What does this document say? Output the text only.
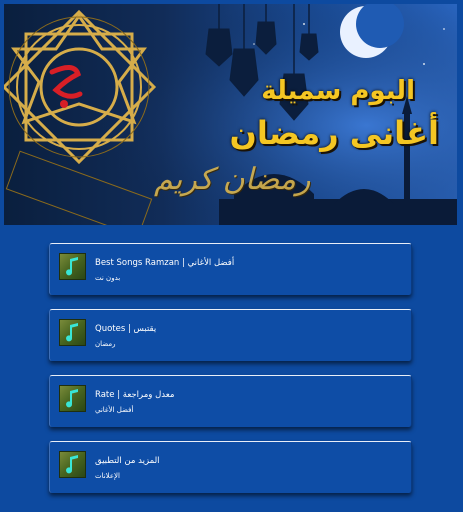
البوم سميلة
أغانى رمضان
رمضان كريم
Best Songs Ramzan | أفضل الأغاني
بدون نت
Quotes | يقتبس
رمضان
Rate | معدل ومراجعة
أفضل الأغاني
المزيد من التطبيق
الإعلانات
